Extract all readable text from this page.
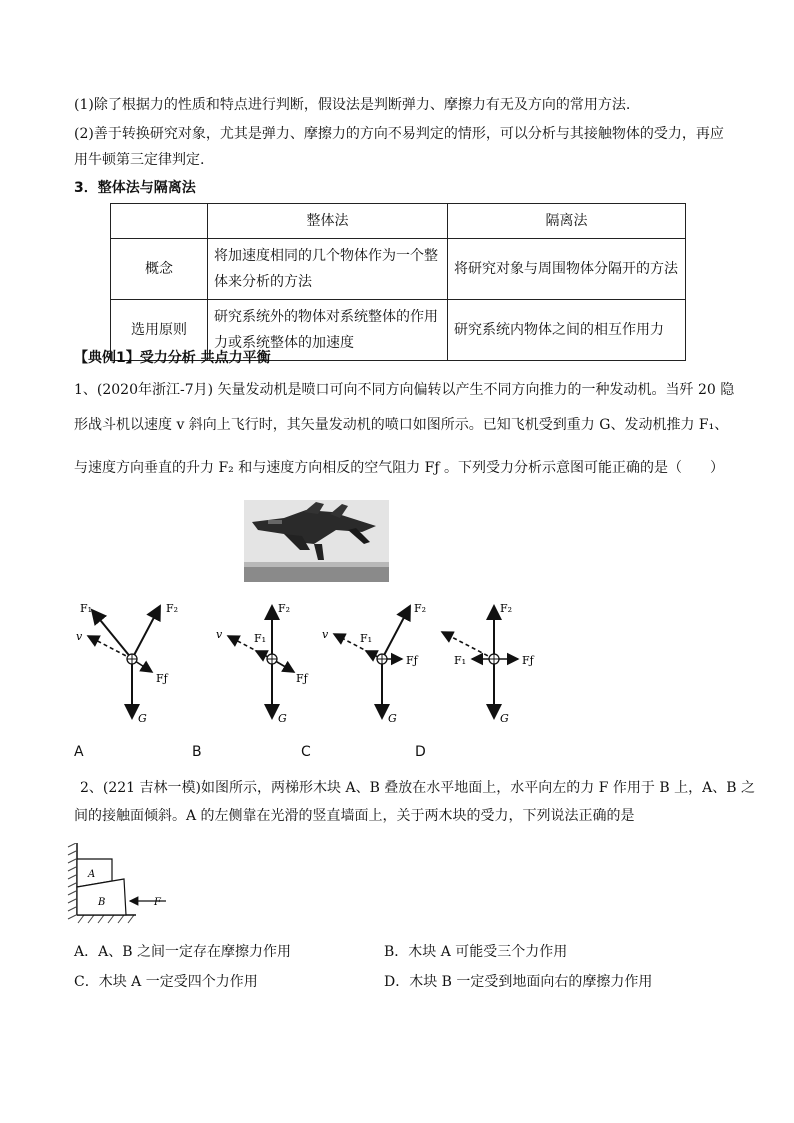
(1)除了根据力的性质和特点进行判断，假设法是判断弹力、摩擦力有无及方向的常用方法.
(2)善于转换研究对象，尤其是弹力、摩擦力的方向不易判定的情形，可以分析与其接触物体的受力，再应
用牛顿第三定律判定.
3．整体法与隔离法
	整体法	隔离法
概念	将加速度相同的几个物体作为一个整体来分析的方法	将研究对象与周围物体分隔开的方法
选用原则	研究系统外的物体对系统整体的作用力或系统整体的加速度	研究系统内物体之间的相互作用力
【典例1】受力分析 共点力平衡
1、(2020年浙江-7月) 矢量发动机是喷口可向不同方向偏转以产生不同方向推力的一种发动机。当歼 20 隐
形战斗机以速度 v 斜向上飞行时，其矢量发动机的喷口如图所示。已知飞机受到重力 G、发动机推力 F₁、
与速度方向垂直的升力 F₂ 和与速度方向相反的空气阻力 Fƒ 。下列受力分析示意图可能正确的是（　　）
F₁	F₂
v
Fƒ
G
F₂
F₁
v
Fƒ
G
F₂
F₁
v
Fƒ
G
F₂
F₁	Fƒ
G
A	B	C	D
2、(221 吉林一模)如图所示，两梯形木块 A、B 叠放在水平地面上，水平向左的力 F 作用于 B 上，A、B 之
间的接触面倾斜。A 的左侧靠在光滑的竖直墙面上，关于两木块的受力，下列说法正确的是
A
B	F
A．A、B 之间一定存在摩擦力作用	B．木块 A 可能受三个力作用
C．木块 A 一定受四个力作用	D．木块 B 一定受到地面向右的摩擦力作用
